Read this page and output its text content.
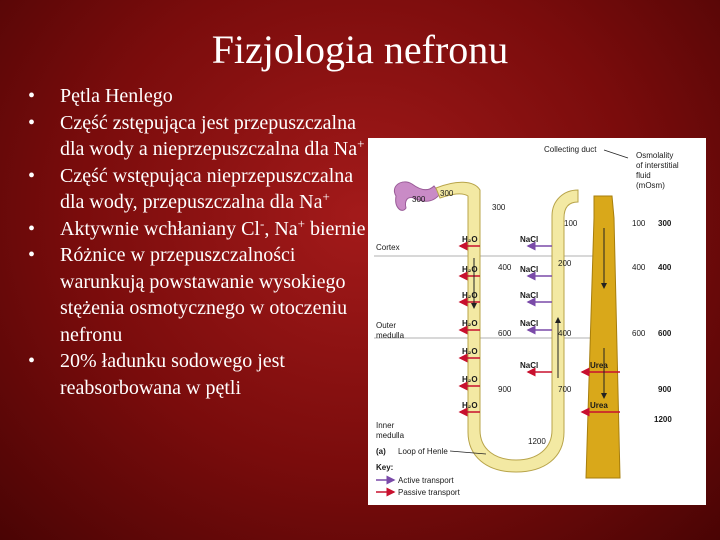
Fizjologia nefronu
•	Pętla Henlego
•	Część zstępująca jest przepuszczalna dla wody a nieprzepuszczalna dla Na+
•	Część wstępująca nieprzepuszczalna dla wody, przepuszczalna dla Na+
•	Aktywnie wchłaniany Cl-, Na+ biernie
•	Różnice w przepuszczalności warunkują powstawanie wysokiego stężenia osmotycznego w otoczeniu nefronu
•	20% ładunku sodowego jest reabsorbowana w pętli
Cortex
Outer
medulla
Inner
medulla
300
Collecting duct
Osmolality
of interstitial
fluid
(mOsm)
300
400
600
900
1200
100
400
600
300
300
400
600
900
1200
100
200
400
700
H₂O
H₂O
H₂O
H₂O
H₂O
H₂O
H₂O
NaCl
NaCl
NaCl
NaCl
NaCl	Urea
Urea
Loop of Henle
(a)
Key:
Active transport
Passive transport
